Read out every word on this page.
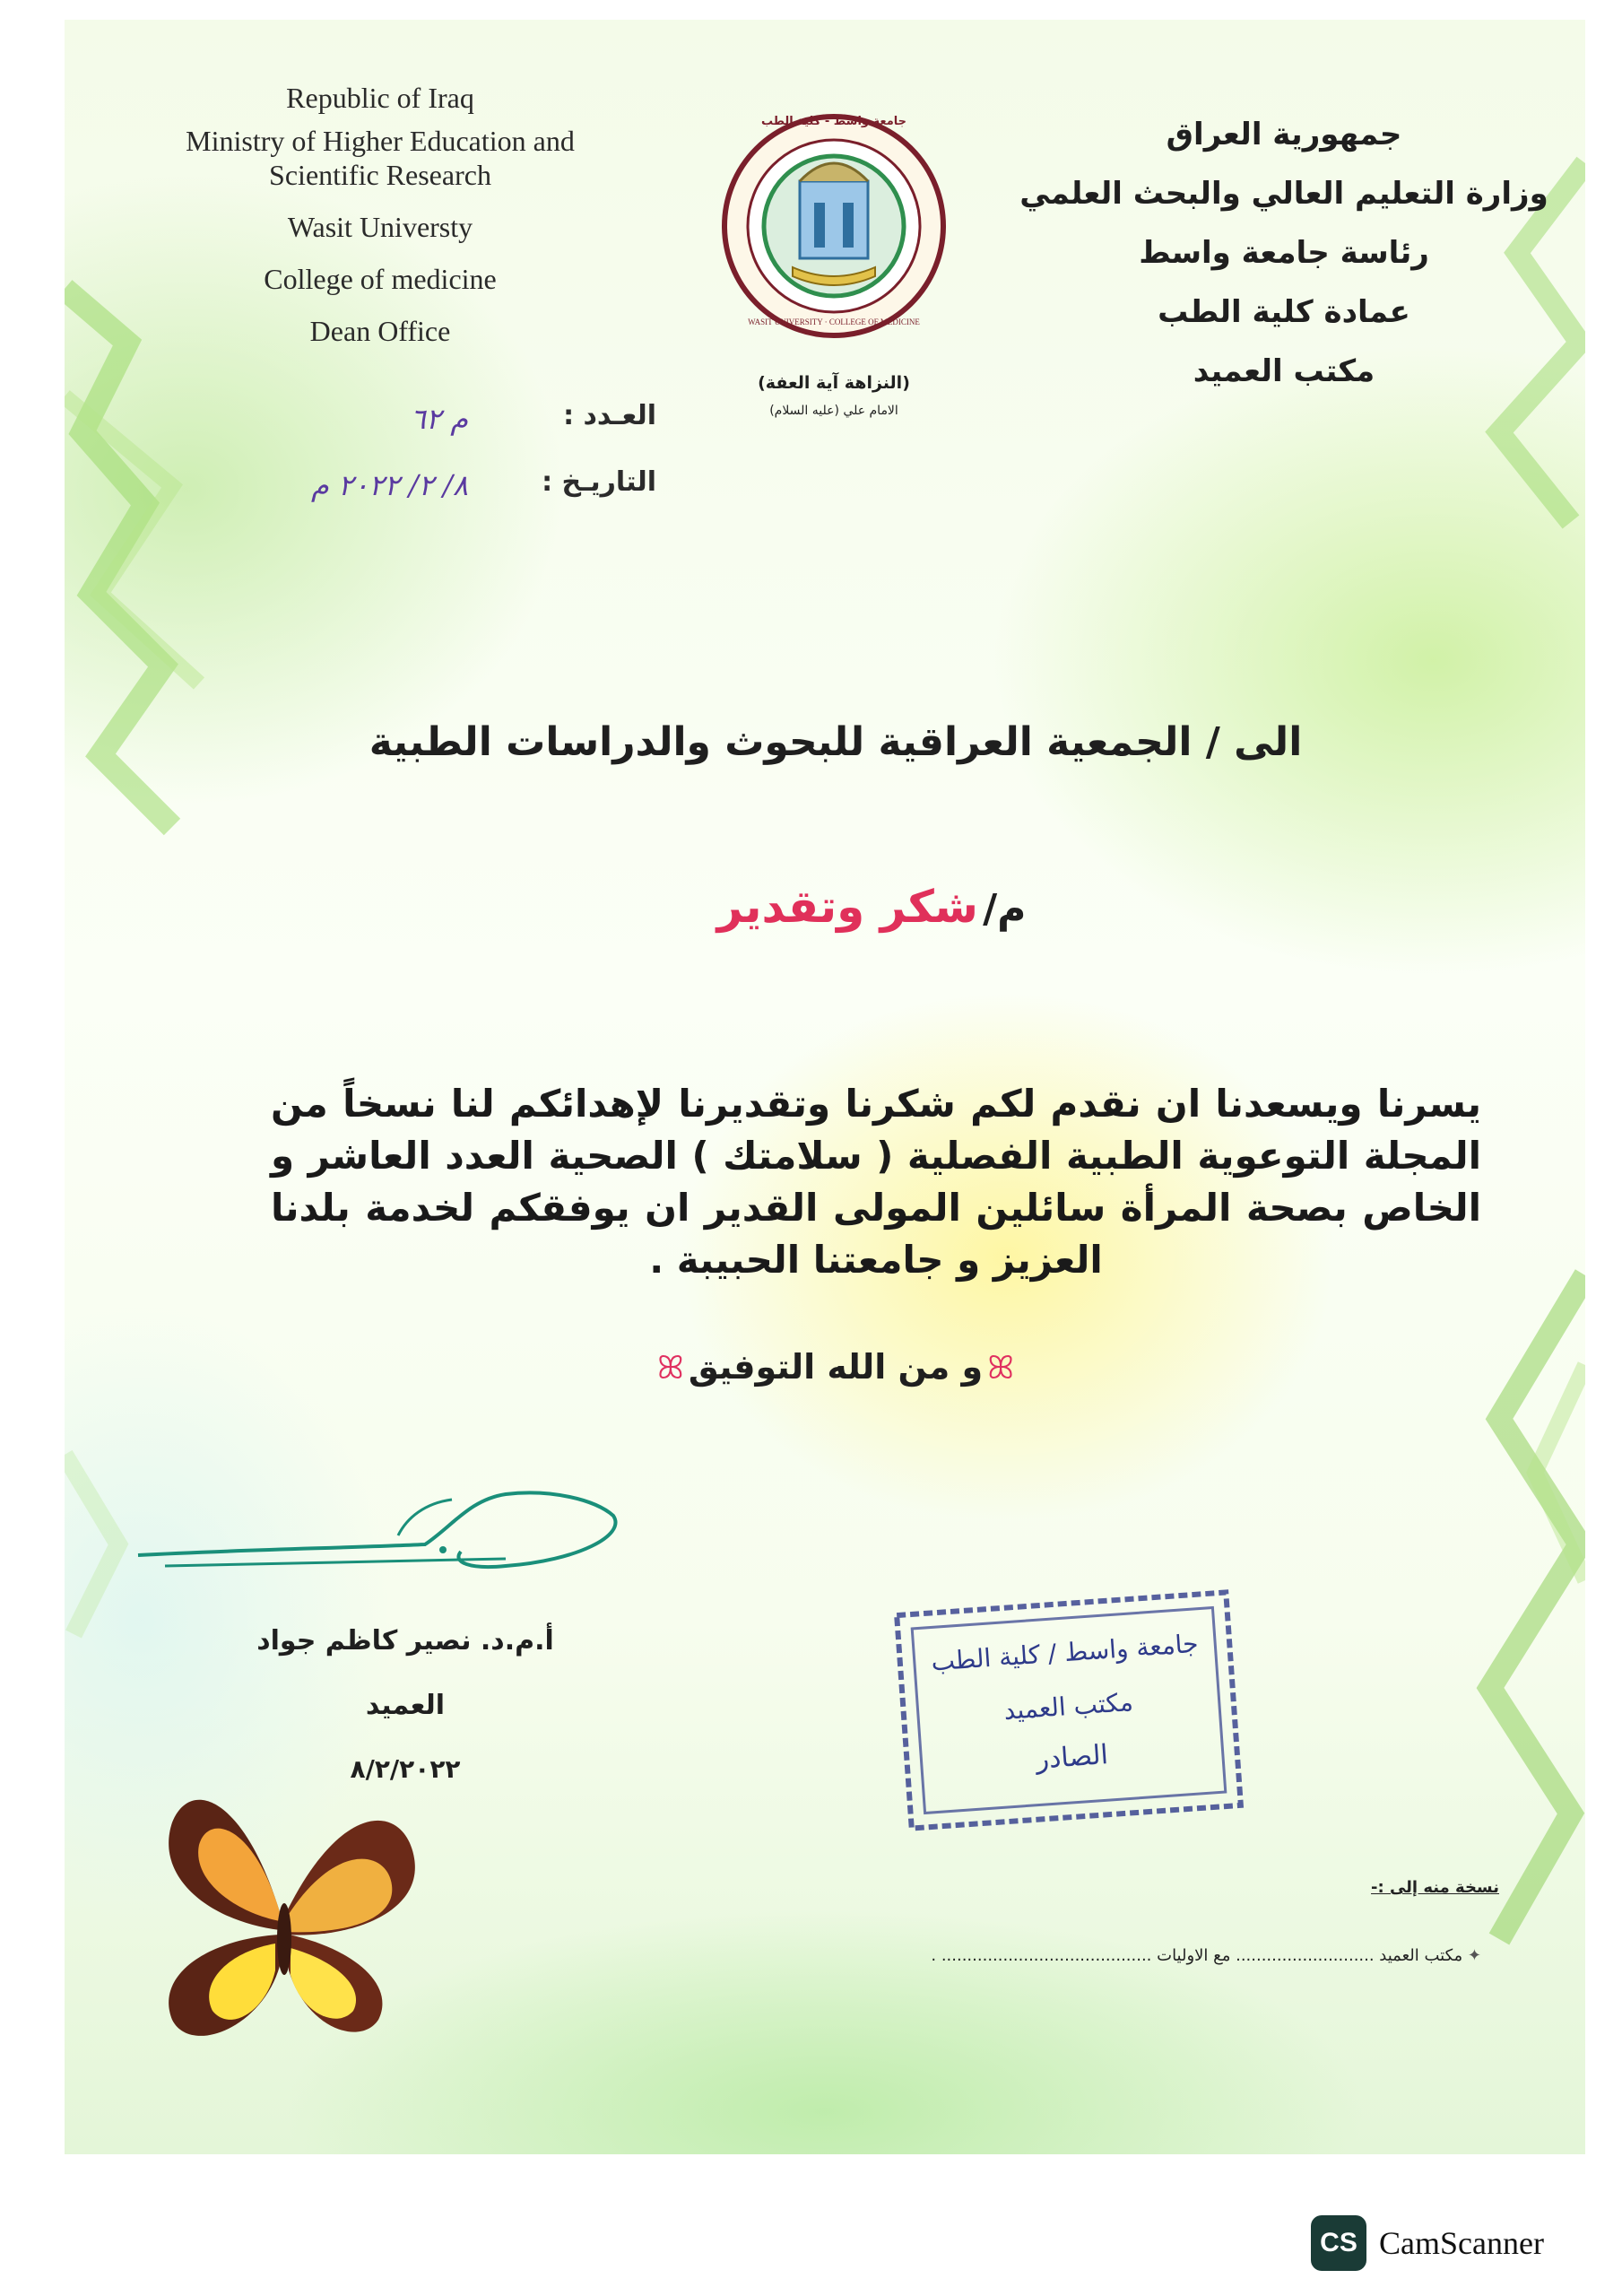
Republic of Iraq
Ministry of Higher Education and
Scientific Research
Wasit Universty
College of medicine
Dean Office
جمهورية العراق
وزارة التعليم العالي والبحث العلمي
رئاسة جامعة واسط
عمادة كلية الطب
مكتب العميد
جامعة واسط - كلية الطب
WASIT UNIVERSITY · COLLEGE OF MEDICINE
(النزاهة آية العفة)
الامام علي (عليه السلام)
العـدد :
م ٦٢
التاريـخ :
٨/ ٢/ ٢٠٢٢ م
الى / الجمعية العراقية للبحوث والدراسات الطبية
م/ شكر وتقدير
يسرنا ويسعدنا ان نقدم لكم شكرنا وتقديرنا لإهدائكم لنا نسخاً من المجلة التوعوية الطبية الفصلية ( سلامتك ) الصحية العدد العاشر و الخاص بصحة المرأة سائلين المولى القدير ان يوفقكم لخدمة بلدنا العزيز و جامعتنا الحبيبة .
ꕤ و من الله التوفيق ꕤ
أ.م.د. نصير كاظم جواد
العميد
٨/٢/٢٠٢٢
جامعة واسط / كلية الطب
مكتب العميد
الصادر
نسخة منه إلى :-
✦ مكتب العميد ........................... مع الاوليات ......................................... .
CS CamScanner
